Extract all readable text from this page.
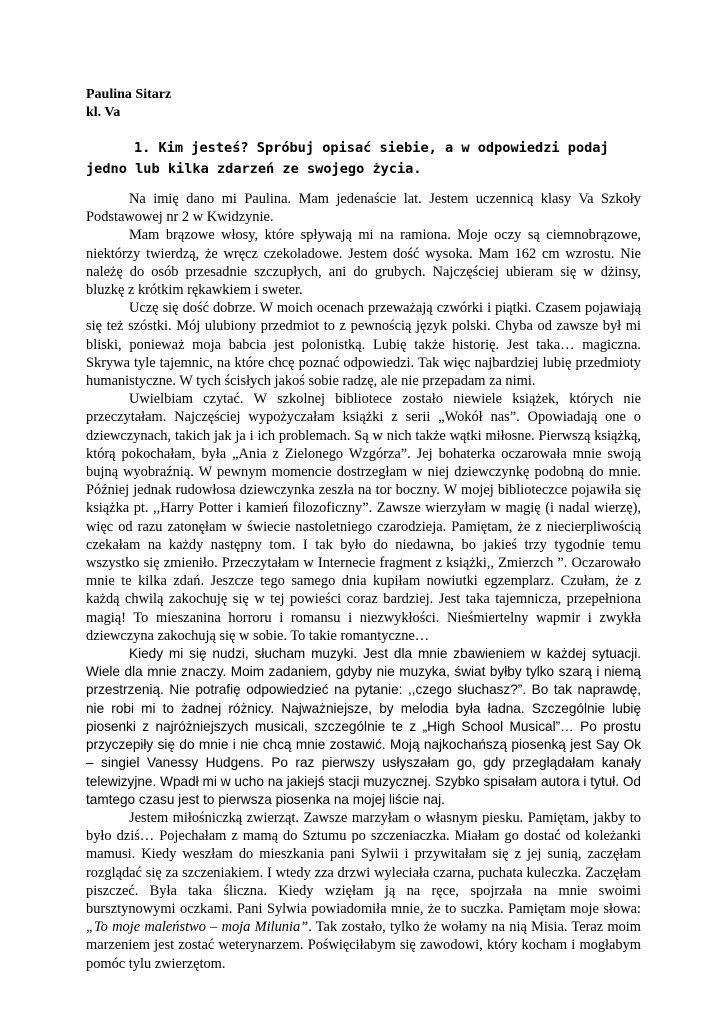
Paulina Sitarz
kl. Va

1. Kim jesteś? Spróbuj opisać siebie, a w odpowiedzi podaj jedno lub kilka zdarzeń ze swojego życia.

Na imię dano mi Paulina. Mam jedenaście lat. Jestem uczennicą klasy Va Szkoły Podstawowej nr 2 w Kwidzynie.

Mam brązowe włosy, które spływają mi na ramiona. Moje oczy są ciemnobrązowe, niektórzy twierdzą, że wręcz czekoladowe. Jestem dość wysoka. Mam 162 cm wzrostu. Nie należę do osób przesadnie szczupłych, ani do grubych. Najczęściej ubieram się w dżinsy, bluzkę z krótkim rękawkiem i sweter.

Uczę się dość dobrze. W moich ocenach przeważają czwórki i piątki. Czasem pojawiają się też szóstki. Mój ulubiony przedmiot to z pewnością język polski. Chyba od zawsze był mi bliski, ponieważ moja babcia jest polonistką. Lubię także historię. Jest taka… magiczna. Skrywa tyle tajemnic, na które chcę poznać odpowiedzi. Tak więc najbardziej lubię przedmioty humanistyczne. W tych ścisłych jakoś sobie radzę, ale nie przepadam za nimi.

Uwielbiam czytać. W szkolnej bibliotece zostało niewiele książek, których nie przeczytałam. Najczęściej wypożyczałam książki z serii „Wokół nas”. Opowiadają one o dziewczynach, takich jak ja i ich problemach. Są w nich także wątki miłosne. Pierwszą książką, którą pokochałam, była „Ania z Zielonego Wzgórza”. Jej bohaterka oczarowała mnie swoją bujną wyobraźnią. W pewnym momencie dostrzegłam w niej dziewczynkę podobną do mnie. Później jednak rudowłosa dziewczynka zeszła na tor boczny. W mojej biblioteczce pojawiła się książka pt. ,,Harry Potter i kamień filozoficzny”. Zawsze wierzyłam w magię (i nadal wierzę), więc od razu zatonęłam w świecie nastoletniego czarodzieja. Pamiętam, że z niecierpliwością czekałam na każdy następny tom. I tak było do niedawna, bo jakieś trzy tygodnie temu wszystko się zmieniło. Przeczytałam w Internecie fragment z książki,, Zmierzch ”. Oczarowało mnie te kilka zdań. Jeszcze tego samego dnia kupiłam nowiutki egzemplarz. Czułam, że z każdą chwilą zakochuję się w tej powieści coraz bardziej. Jest taka tajemnicza, przepełniona magią! To mieszanina horroru i romansu i niezwykłości. Nieśmiertelny wapmir i zwykła dziewczyna zakochują się w sobie. To takie romantyczne…

Kiedy mi się nudzi, słucham muzyki. Jest dla mnie zbawieniem w każdej sytuacji. Wiele dla mnie znaczy. Moim zadaniem, gdyby nie muzyka, świat byłby tylko szarą i niemą przestrzenią. Nie potrafię odpowiedzieć na pytanie: ,,czego słuchasz?”. Bo tak naprawdę, nie robi mi to żadnej różnicy. Najważniejsze, by melodia była ładna. Szczególnie lubię piosenki z najróżniejszych musicali, szczególnie te z „High School Musical”… Po prostu przyczepiły się do mnie i nie chcą mnie zostawić. Moją najkochańszą piosenką jest Say Ok – singiel Vanessy Hudgens. Po raz pierwszy usłyszałam go, gdy przeglądałam kanały telewizyjne. Wpadł mi w ucho na jakiejś stacji muzycznej. Szybko spisałam autora i tytuł. Od tamtego czasu jest to pierwsza piosenka na mojej liście naj.

Jestem miłośniczką zwierząt. Zawsze marzyłam o własnym piesku. Pamiętam, jakby to było dziś… Pojechałam z mamą do Sztumu po szczeniaczka. Miałam go dostać od koleżanki mamusi. Kiedy weszłam do mieszkania pani Sylwii i przywitałam się z jej sunią, zaczęłam rozglądać się za szczeniakiem. I wtedy zza drzwi wyleciała czarna, puchata kuleczka. Zaczęłam piszczeć. Była taka śliczna. Kiedy wzięłam ją na ręce, spojrzała na mnie swoimi bursztynowymi oczkami. Pani Sylwia powiadomiła mnie, że to suczka. Pamiętam moje słowa: „To moje maleństwo – moja Milunia”. Tak zostało, tylko że wołamy na nią Misia. Teraz moim marzeniem jest zostać weterynarzem. Poświęciłabym się zawodowi, który kocham i mogłabym pomóc tylu zwierzętom.
